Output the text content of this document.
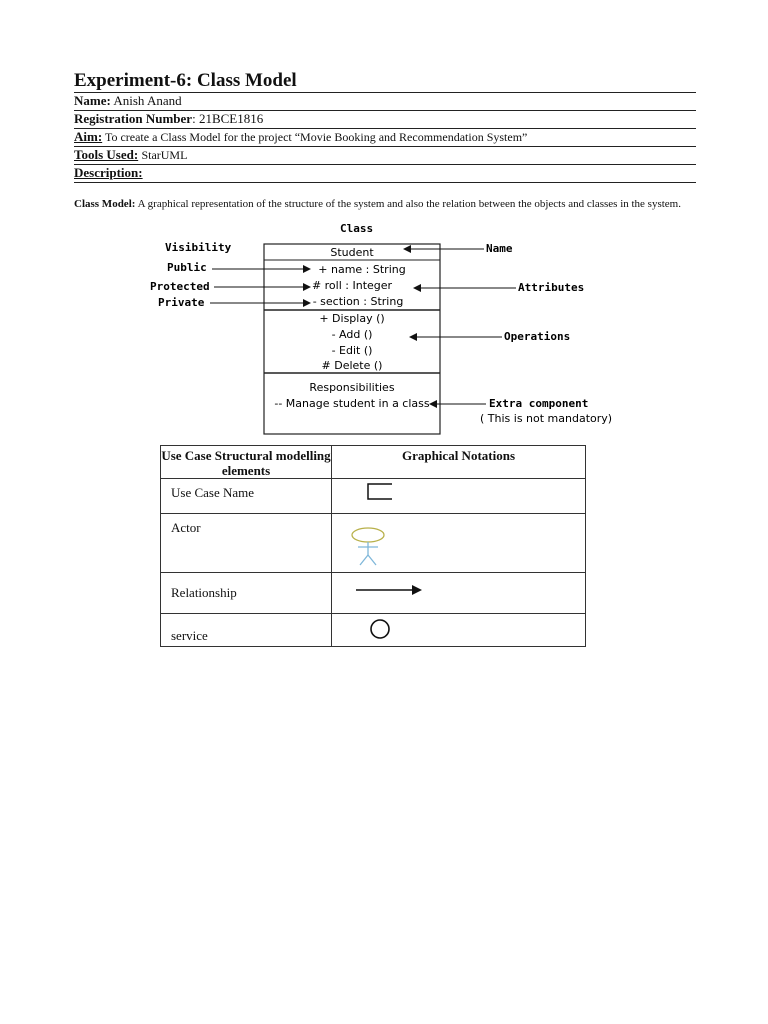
Experiment-6: Class Model
Name: Anish Anand
Registration Number: 21BCE1816
Aim: To create a Class Model for the project “Movie Booking and Recommendation System”
Tools Used: StarUML
Description:
Class Model: A graphical representation of the structure of the system and also the relation between the objects and classes in the system.
Class
Student
+ name : String
# roll : Integer
- section : String
+ Display ()
- Add ()
- Edit ()
# Delete ()
Responsibilities
-- Manage student in a class
Visibility
Public
Protected
Private
Name
Attributes
Operations
Extra component
( This is not mandatory)
Use Case Structural modelling elements	Graphical Notations
Use Case Name	
Actor	
Relationship	
service	
